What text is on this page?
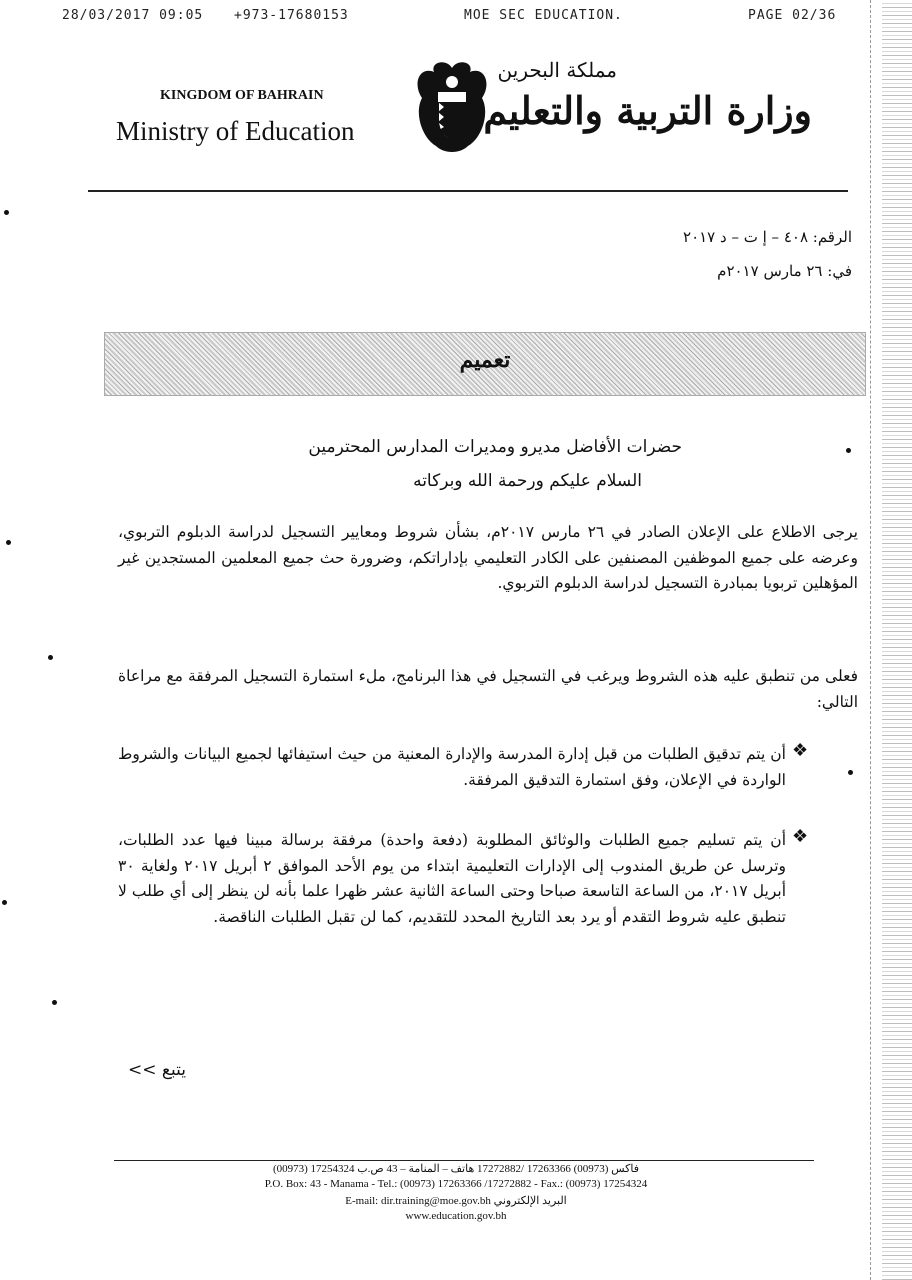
28/03/2017 09:05 +973-17680153	MOE SEC EDUCATION.	PAGE 02/36
KINGDOM OF BAHRAIN
Ministry of Education
مملكة البحرين
وزارة التربية والتعليم
الرقم: ٤٠٨ – إ ت – د ٢٠١٧
في: ٢٦ مارس ٢٠١٧م
تعميم
حضرات الأفاضل مديرو ومديرات المدارس المحترمين
السلام عليكم ورحمة الله وبركاته
يرجى الاطلاع على الإعلان الصادر في ٢٦ مارس ٢٠١٧م، بشأن شروط ومعايير التسجيل لدراسة الدبلوم التربوي، وعرضه على جميع الموظفين المصنفين على الكادر التعليمي بإداراتكم، وضرورة حث جميع المعلمين المستجدين غير المؤهلين تربويا بمبادرة التسجيل لدراسة الدبلوم التربوي.
فعلى من تنطبق عليه هذه الشروط ويرغب في التسجيل في هذا البرنامج، ملء استمارة التسجيل المرفقة مع مراعاة التالي:
❖
أن يتم تدقيق الطلبات من قبل إدارة المدرسة والإدارة المعنية من حيث استيفائها لجميع البيانات والشروط الواردة في الإعلان، وفق استمارة التدقيق المرفقة.
❖
أن يتم تسليم جميع الطلبات والوثائق المطلوبة (دفعة واحدة) مرفقة برسالة مبينا فيها عدد الطلبات، وترسل عن طريق المندوب إلى الإدارات التعليمية ابتداء من يوم الأحد الموافق ٢ أبريل ٢٠١٧ ولغاية ٣٠ أبريل ٢٠١٧، من الساعة التاسعة صباحا وحتى الساعة الثانية عشر ظهرا علما بأنه لن ينظر إلى أي طلب لا تنطبق عليه شروط التقدم أو يرد بعد التاريخ المحدد للتقديم، كما لن تقبل الطلبات الناقصة.
يتبع >>
(00973) 17254324 فاكس (00973) 17263366 /17272882 هاتف – المنامة – 43 ص.ب
P.O. Box: 43 - Manama - Tel.: (00973) 17263366 /17272882 - Fax.: (00973) 17254324
E-mail: dir.training@moe.gov.bh البريد الإلكتروني
www.education.gov.bh
